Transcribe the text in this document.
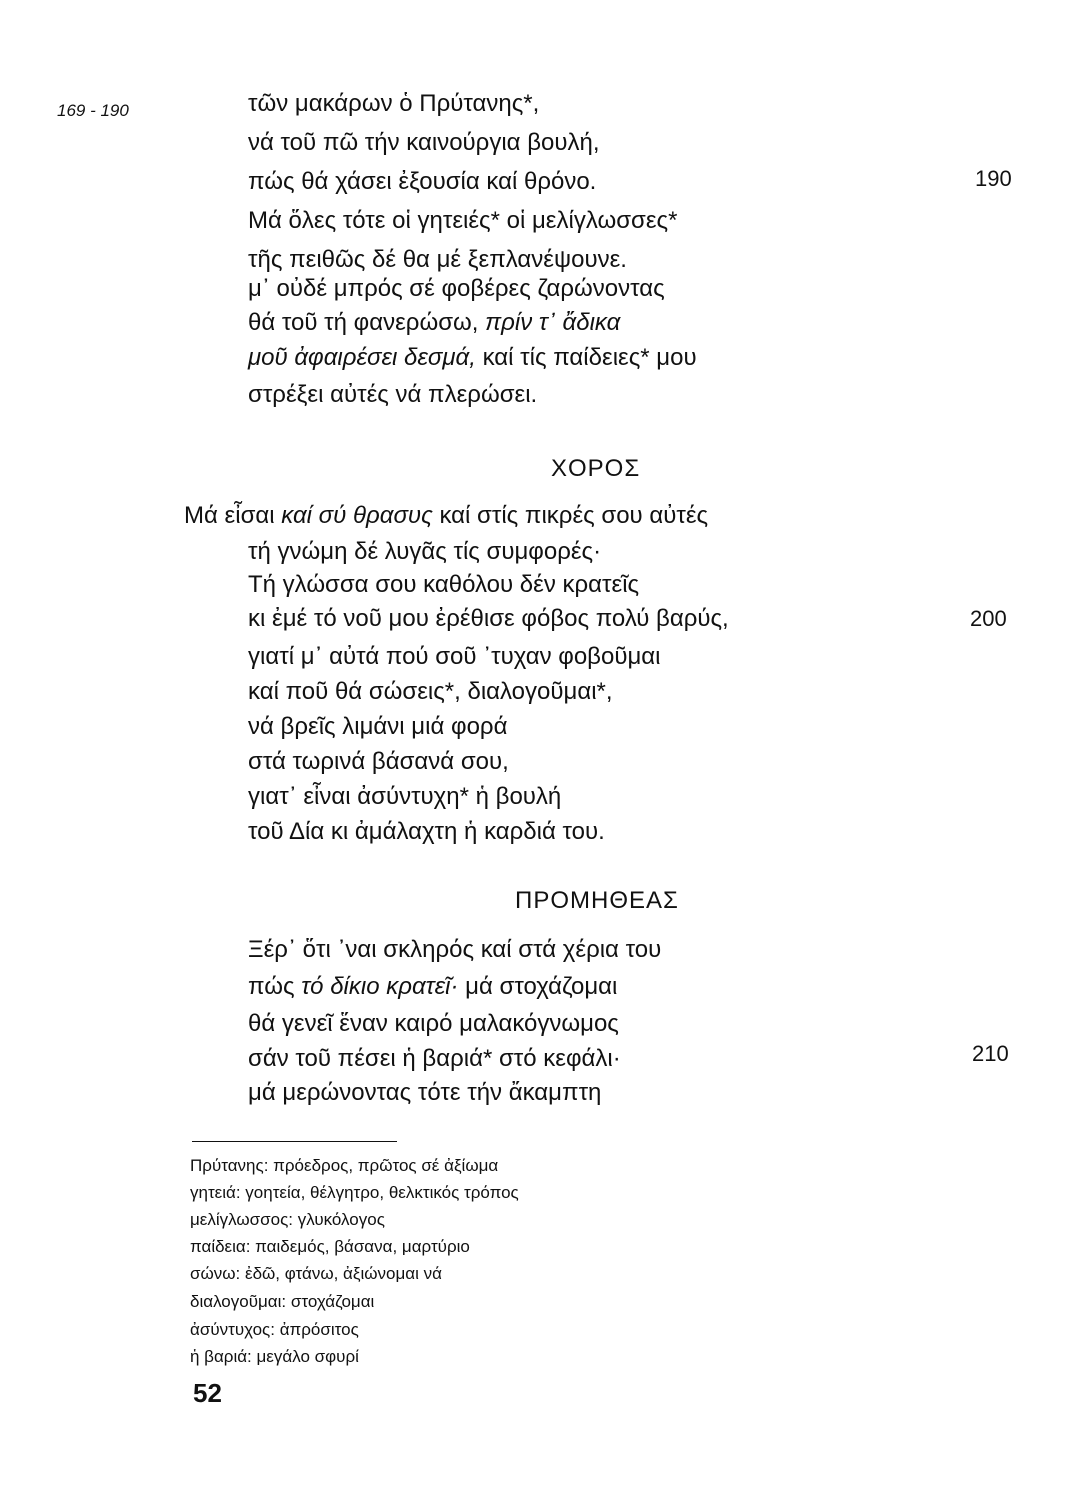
169 - 190	τῶν μακάρων ὁ Πρύτανης*,
νά τοῦ πῶ τήν καινούργια βουλή,
πώς θά χάσει ἐξουσία καί θρόνο.
Μά ὅλες τότε οἱ γητειές* οἱ μελίγλωσσες*
τῆς πειθῶς δέ θα μέ ξεπλανέψουνε.
μ᾽ οὐδέ μπρός σέ φοβέρες ζαρώνοντας
θά τοῦ τή φανερώσω, πρίν τ᾽ ἄδικα
μοῦ ἀφαιρέσει δεσμά, καί τίς παίδειες* μου
στρέξει αὐτές νά πλερώσει.
190
ΧΟΡΟΣ
Μά εἶσαι καί σύ θρασυς καί στίς πικρές σου αὐτές
τή γνώμη δέ λυγᾶς τίς συμφορές·
Τή γλώσσα σου καθόλου δέν κρατεῖς
κι ἐμέ τό νοῦ μου ἐρέθισε φόβος πολύ βαρύς,
γιατί μ᾽ αὐτά πού σοῦ ᾽τυχαν φοβοῦμαι
καί ποῦ θά σώσεις*, διαλογοῦμαι*,
νά βρεῖς λιμάνι μιά φορά
στά τωρινά βάσανά σου,
γιατ᾽ εἶναι ἀσύντυχη* ἡ βουλή
τοῦ Δία κι ἀμάλαχτη ἡ καρδιά του.
200
ΠΡΟΜΗΘΕΑΣ
Ξέρ᾽ ὅτι ᾽ναι σκληρός καί στά χέρια του
πώς τό δίκιο κρατεῖ· μά στοχάζομαι
θά γενεῖ ἕναν καιρό μαλακόγνωμος
σάν τοῦ πέσει ἡ βαριά* στό κεφάλι·
μά μερώνοντας τότε τήν ἄκαμπτη
210
Πρύτανης: πρόεδρος, πρῶτος σέ ἀξίωμα
γητειά: γοητεία, θέλγητρο, θελκτικός τρόπος
μελίγλωσσος: γλυκόλογος
παίδεια: παιδεμός, βάσανα, μαρτύριο
σώνω: ἐδῶ, φτάνω, ἀξιώνομαι νά
διαλογοῦμαι: στοχάζομαι
ἀσύντυχος: ἀπρόσιτος
ἡ βαριά: μεγάλο σφυρί
52
